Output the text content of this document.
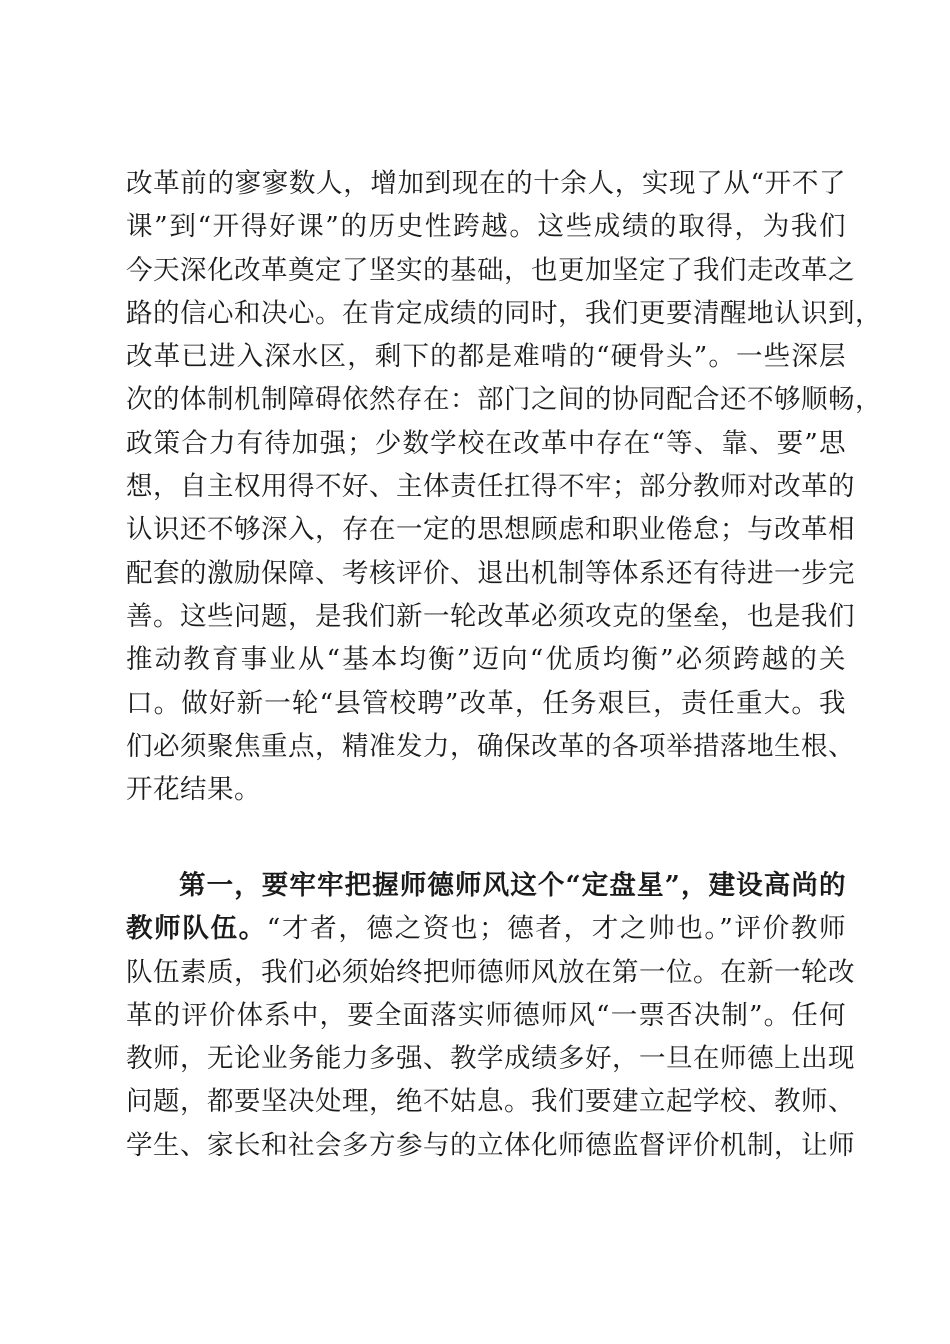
改革前的寥寥数人，增加到现在的十余人，实现了从“开不了
课”到“开得好课”的历史性跨越。这些成绩的取得，为我们
今天深化改革奠定了坚实的基础，也更加坚定了我们走改革之
路的信心和决心。在肯定成绩的同时，我们更要清醒地认识到，
改革已进入深水区，剩下的都是难啃的“硬骨头”。一些深层
次的体制机制障碍依然存在：部门之间的协同配合还不够顺畅，
政策合力有待加强；少数学校在改革中存在“等、靠、要”思
想，自主权用得不好、主体责任扛得不牢；部分教师对改革的
认识还不够深入，存在一定的思想顾虑和职业倦怠；与改革相
配套的激励保障、考核评价、退出机制等体系还有待进一步完
善。这些问题，是我们新一轮改革必须攻克的堡垒，也是我们
推动教育事业从“基本均衡”迈向“优质均衡”必须跨越的关
口。做好新一轮“县管校聘”改革，任务艰巨，责任重大。我
们必须聚焦重点，精准发力，确保改革的各项举措落地生根、
开花结果。
第一，要牢牢把握师德师风这个“定盘星”，建设高尚的
教师队伍。“才者，德之资也；德者，才之帅也。”评价教师
队伍素质，我们必须始终把师德师风放在第一位。在新一轮改
革的评价体系中，要全面落实师德师风“一票否决制”。任何
教师，无论业务能力多强、教学成绩多好，一旦在师德上出现
问题，都要坚决处理，绝不姑息。我们要建立起学校、教师、
学生、家长和社会多方参与的立体化师德监督评价机制，让师
